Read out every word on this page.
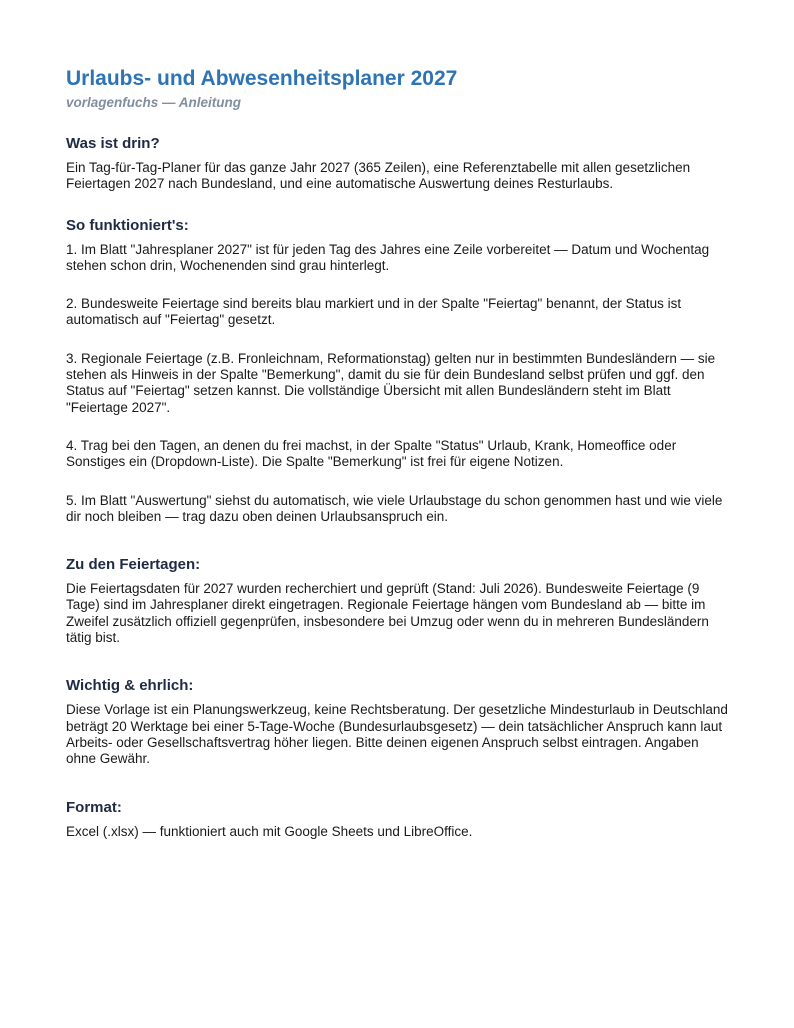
Urlaubs- und Abwesenheitsplaner 2027

vorlagenfuchs — Anleitung

Was ist drin?

Ein Tag-für-Tag-Planer für das ganze Jahr 2027 (365 Zeilen), eine Referenztabelle mit allen gesetzlichen Feiertagen 2027 nach Bundesland, und eine automatische Auswertung deines Resturlaubs.

So funktioniert's:

1. Im Blatt "Jahresplaner 2027" ist für jeden Tag des Jahres eine Zeile vorbereitet — Datum und Wochentag stehen schon drin, Wochenenden sind grau hinterlegt.

2. Bundesweite Feiertage sind bereits blau markiert und in der Spalte "Feiertag" benannt, der Status ist automatisch auf "Feiertag" gesetzt.

3. Regionale Feiertage (z.B. Fronleichnam, Reformationstag) gelten nur in bestimmten Bundesländern — sie stehen als Hinweis in der Spalte "Bemerkung", damit du sie für dein Bundesland selbst prüfen und ggf. den Status auf "Feiertag" setzen kannst. Die vollständige Übersicht mit allen Bundesländern steht im Blatt "Feiertage 2027".

4. Trag bei den Tagen, an denen du frei machst, in der Spalte "Status" Urlaub, Krank, Homeoffice oder Sonstiges ein (Dropdown-Liste). Die Spalte "Bemerkung" ist frei für eigene Notizen.

5. Im Blatt "Auswertung" siehst du automatisch, wie viele Urlaubstage du schon genommen hast und wie viele dir noch bleiben — trag dazu oben deinen Urlaubsanspruch ein.

Zu den Feiertagen:

Die Feiertagsdaten für 2027 wurden recherchiert und geprüft (Stand: Juli 2026). Bundesweite Feiertage (9 Tage) sind im Jahresplaner direkt eingetragen. Regionale Feiertage hängen vom Bundesland ab — bitte im Zweifel zusätzlich offiziell gegenprüfen, insbesondere bei Umzug oder wenn du in mehreren Bundesländern tätig bist.

Wichtig & ehrlich:

Diese Vorlage ist ein Planungswerkzeug, keine Rechtsberatung. Der gesetzliche Mindesturlaub in Deutschland beträgt 20 Werktage bei einer 5-Tage-Woche (Bundesurlaubsgesetz) — dein tatsächlicher Anspruch kann laut Arbeits- oder Gesellschaftsvertrag höher liegen. Bitte deinen eigenen Anspruch selbst eintragen. Angaben ohne Gewähr.

Format:

Excel (.xlsx) — funktioniert auch mit Google Sheets und LibreOffice.
